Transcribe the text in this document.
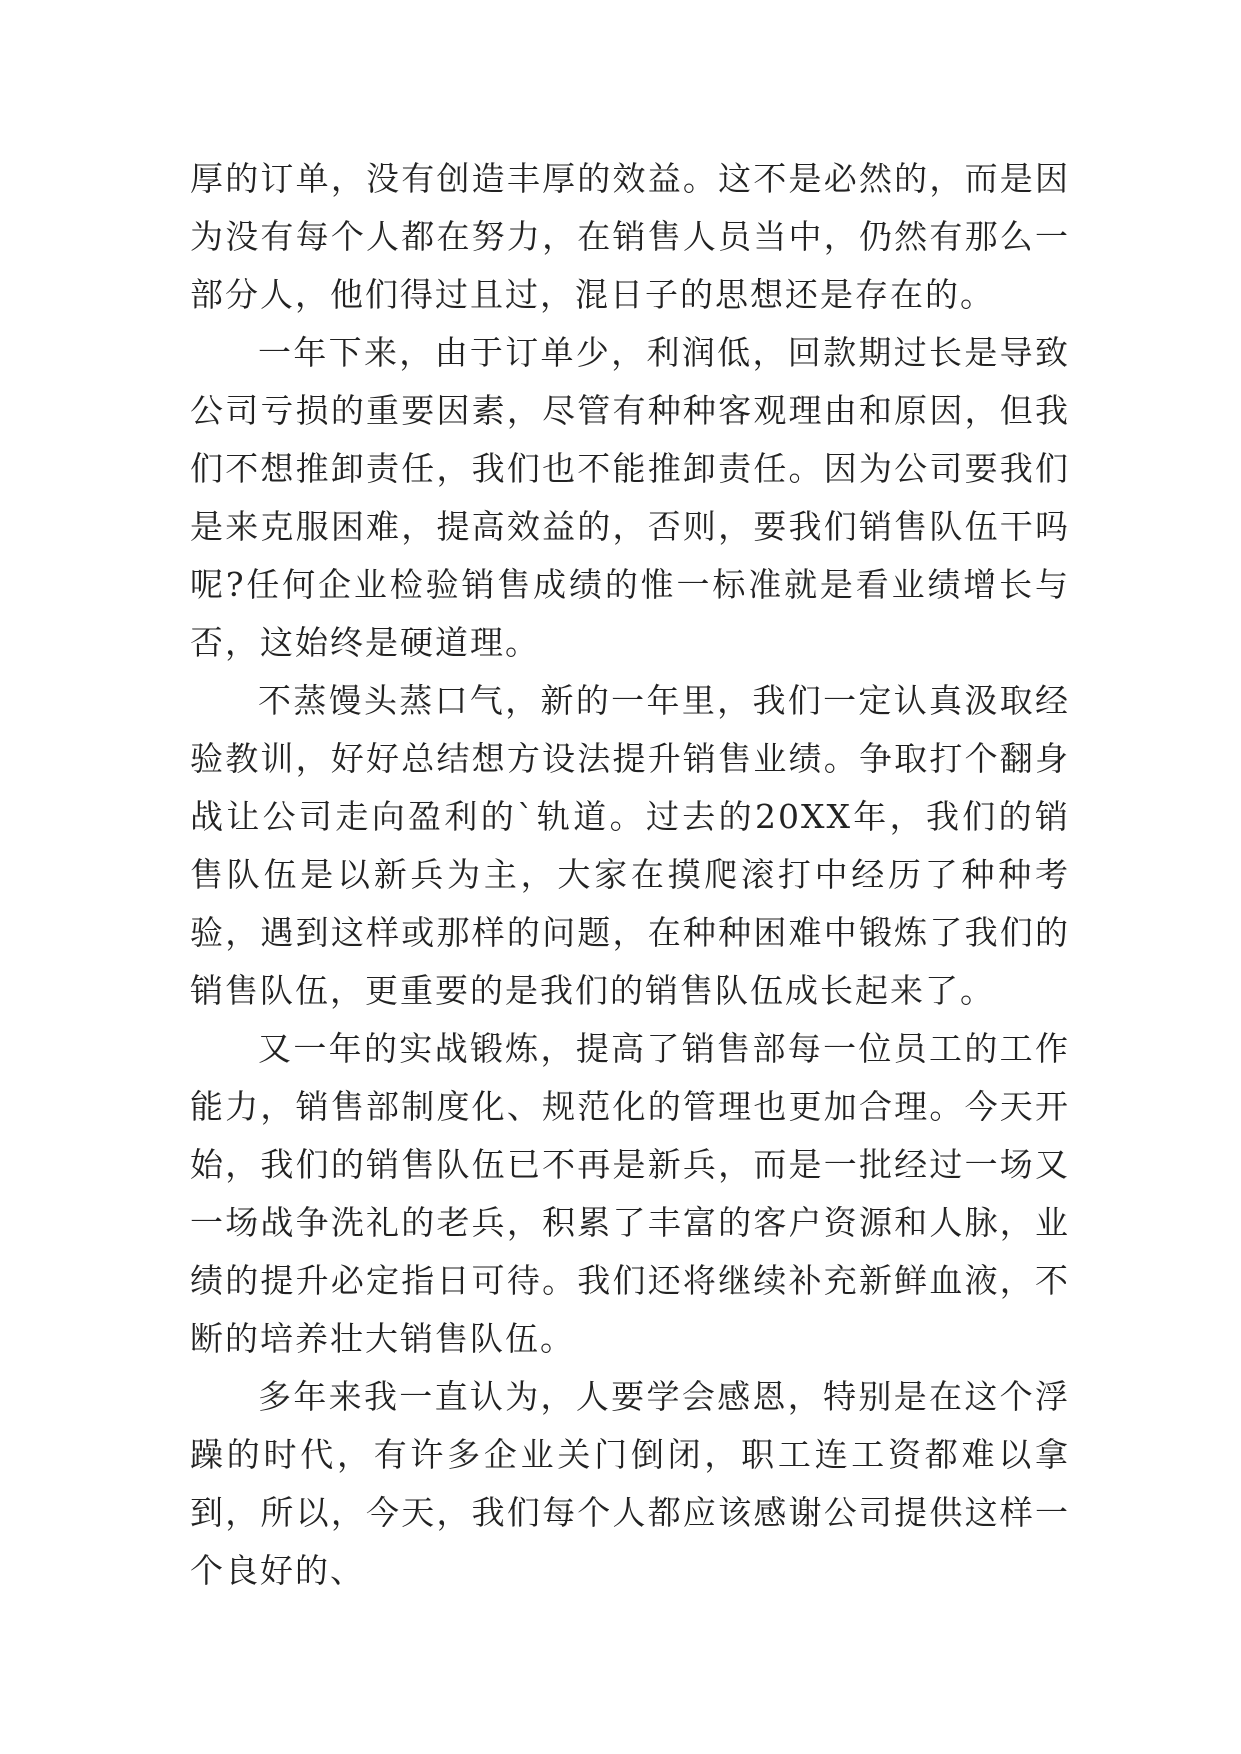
厚的订单，没有创造丰厚的效益。这不是必然的，而是因为没有每个人都在努力，在销售人员当中，仍然有那么一部分人，他们得过且过，混日子的思想还是存在的。

一年下来，由于订单少，利润低，回款期过长是导致公司亏损的重要因素，尽管有种种客观理由和原因，但我们不想推卸责任，我们也不能推卸责任。因为公司要我们是来克服困难，提高效益的，否则，要我们销售队伍干吗呢?任何企业检验销售成绩的惟一标准就是看业绩增长与否，这始终是硬道理。

不蒸馒头蒸口气，新的一年里，我们一定认真汲取经验教训，好好总结想方设法提升销售业绩。争取打个翻身战让公司走向盈利的`轨道。过去的20XX年，我们的销售队伍是以新兵为主，大家在摸爬滚打中经历了种种考验，遇到这样或那样的问题，在种种困难中锻炼了我们的销售队伍，更重要的是我们的销售队伍成长起来了。

又一年的实战锻炼，提高了销售部每一位员工的工作能力，销售部制度化、规范化的管理也更加合理。今天开始，我们的销售队伍已不再是新兵，而是一批经过一场又一场战争洗礼的老兵，积累了丰富的客户资源和人脉，业绩的提升必定指日可待。我们还将继续补充新鲜血液，不断的培养壮大销售队伍。

多年来我一直认为，人要学会感恩，特别是在这个浮躁的时代，有许多企业关门倒闭，职工连工资都难以拿到，所以，今天，我们每个人都应该感谢公司提供这样一个良好的、
